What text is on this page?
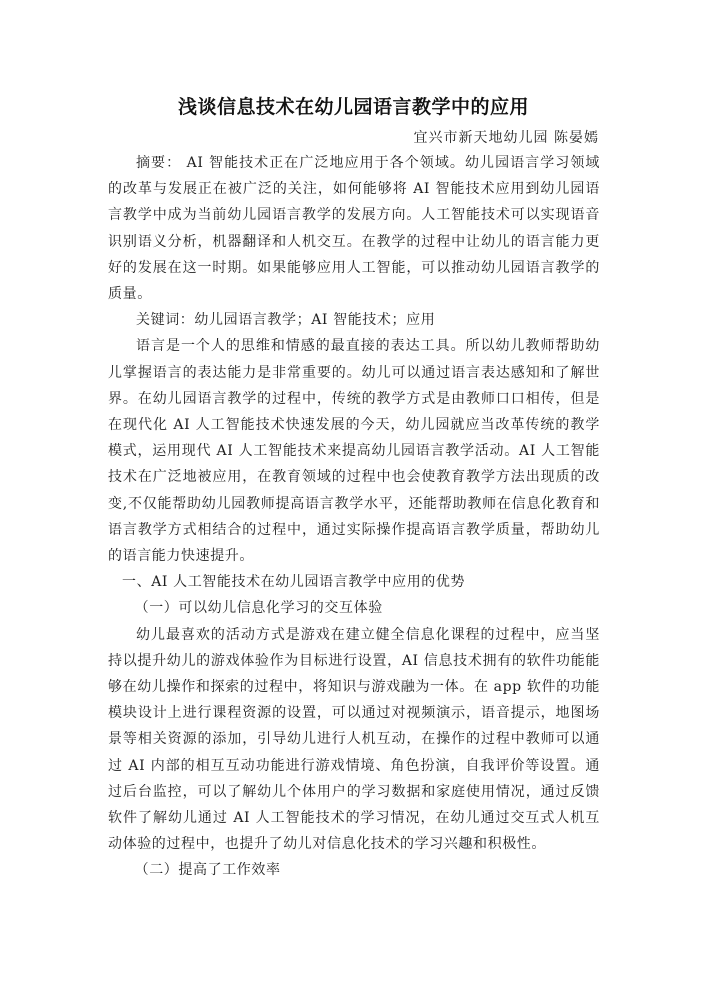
浅谈信息技术在幼儿园语言教学中的应用
宜兴市新天地幼儿园 陈晏嫣

摘要： AI 智能技术正在广泛地应用于各个领域。幼儿园语言学习领域的改革与发展正在被广泛的关注，如何能够将 AI 智能技术应用到幼儿园语言教学中成为当前幼儿园语言教学的发展方向。人工智能技术可以实现语音识别语义分析，机器翻译和人机交互。在教学的过程中让幼儿的语言能力更好的发展在这一时期。如果能够应用人工智能，可以推动幼儿园语言教学的质量。

关键词：幼儿园语言教学；AI 智能技术；应用

语言是一个人的思维和情感的最直接的表达工具。所以幼儿教师帮助幼儿掌握语言的表达能力是非常重要的。幼儿可以通过语言表达感知和了解世界。在幼儿园语言教学的过程中，传统的教学方式是由教师口口相传，但是在现代化 AI 人工智能技术快速发展的今天，幼儿园就应当改革传统的教学模式，运用现代 AI 人工智能技术来提高幼儿园语言教学活动。AI 人工智能技术在广泛地被应用，在教育领域的过程中也会使教育教学方法出现质的改变,不仅能帮助幼儿园教师提高语言教学水平，还能帮助教师在信息化教育和语言教学方式相结合的过程中，通过实际操作提高语言教学质量，帮助幼儿的语言能力快速提升。

一、AI 人工智能技术在幼儿园语言教学中应用的优势

（一）可以幼儿信息化学习的交互体验

幼儿最喜欢的活动方式是游戏在建立健全信息化课程的过程中，应当坚持以提升幼儿的游戏体验作为目标进行设置，AI 信息技术拥有的软件功能能够在幼儿操作和探索的过程中，将知识与游戏融为一体。在 app 软件的功能模块设计上进行课程资源的设置，可以通过对视频演示，语音提示，地图场景等相关资源的添加，引导幼儿进行人机互动，在操作的过程中教师可以通过 AI 内部的相互互动功能进行游戏情境、角色扮演，自我评价等设置。通过后台监控，可以了解幼儿个体用户的学习数据和家庭使用情况，通过反馈软件了解幼儿通过 AI 人工智能技术的学习情况，在幼儿通过交互式人机互动体验的过程中，也提升了幼儿对信息化技术的学习兴趣和积极性。

（二）提高了工作效率
